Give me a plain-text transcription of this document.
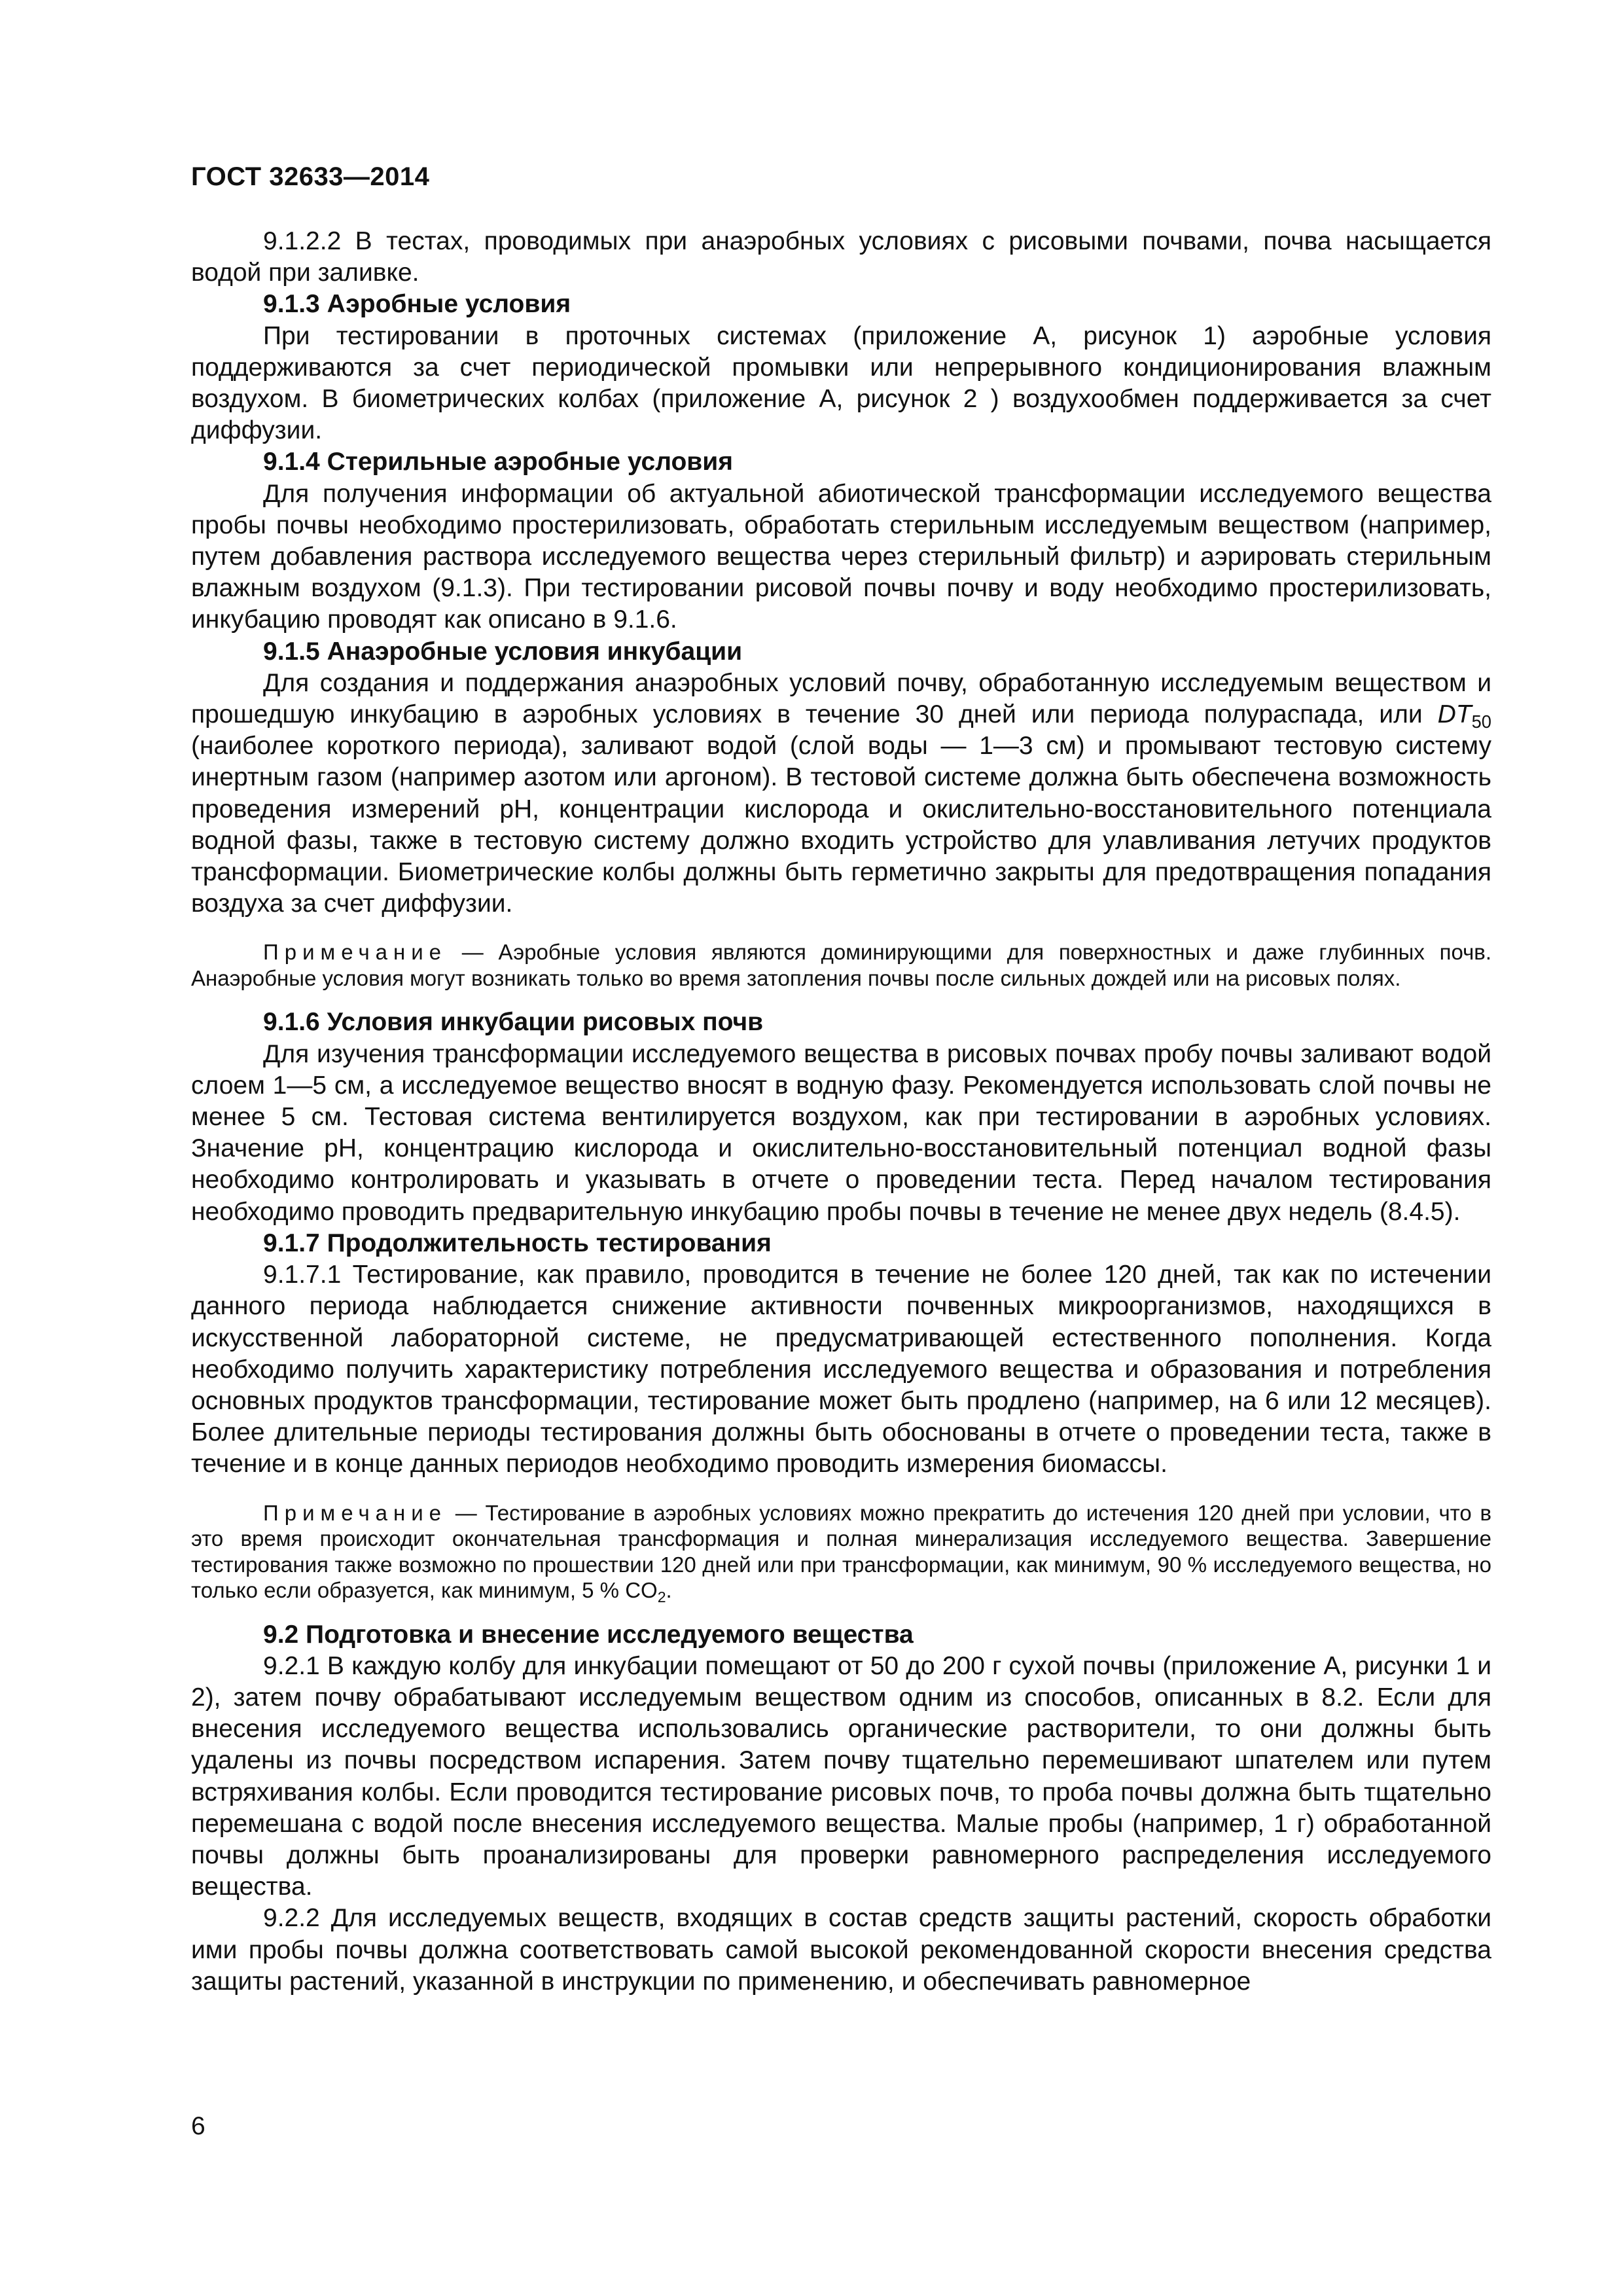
ГОСТ 32633—2014

9.1.2.2 В тестах, проводимых при анаэробных условиях с рисовыми почвами, почва насыщается водой при заливке.

9.1.3 Аэробные условия

При тестировании в проточных системах (приложение А, рисунок 1) аэробные условия поддерживаются за счет периодической промывки или непрерывного кондиционирования влажным воздухом. В биометрических колбах (приложение А, рисунок 2 ) воздухообмен поддерживается за счет диффузии.

9.1.4 Стерильные аэробные условия

Для получения информации об актуальной абиотической трансформации исследуемого вещества пробы почвы необходимо простерилизовать, обработать стерильным исследуемым веществом (например, путем добавления раствора исследуемого вещества через стерильный фильтр) и аэрировать стерильным влажным воздухом (9.1.3). При тестировании рисовой почвы почву и воду необходимо простерилизовать, инкубацию проводят как описано в 9.1.6.

9.1.5 Анаэробные условия инкубации

Для создания и поддержания анаэробных условий почву, обработанную исследуемым веществом и прошедшую инкубацию в аэробных условиях в течение 30 дней или периода полураспада, или $DT_{50}$ (наиболее короткого периода), заливают водой (слой воды — 1—3 см) и промывают тестовую систему инертным газом (например азотом или аргоном). В тестовой системе должна быть обеспечена возможность проведения измерений pH, концентрации кислорода и окислительно-восстановительного потенциала водной фазы, также в тестовую систему должно входить устройство для улавливания летучих продуктов трансформации. Биометрические колбы должны быть герметично закрыты для предотвращения попадания воздуха за счет диффузии.

Примечание — Аэробные условия являются доминирующими для поверхностных и даже глубинных почв. Анаэробные условия могут возникать только во время затопления почвы после сильных дождей или на рисовых полях.

9.1.6 Условия инкубации рисовых почв

Для изучения трансформации исследуемого вещества в рисовых почвах пробу почвы заливают водой слоем 1—5 см, а исследуемое вещество вносят в водную фазу. Рекомендуется использовать слой почвы не менее 5 см. Тестовая система вентилируется воздухом, как при тестировании в аэробных условиях. Значение pH, концентрацию кислорода и окислительно-восстановительный потенциал водной фазы необходимо контролировать и указывать в отчете о проведении теста. Перед началом тестирования необходимо проводить предварительную инкубацию пробы почвы в течение не менее двух недель (8.4.5).

9.1.7 Продолжительность тестирования

9.1.7.1 Тестирование, как правило, проводится в течение не более 120 дней, так как по истечении данного периода наблюдается снижение активности почвенных микроорганизмов, находящихся в искусственной лабораторной системе, не предусматривающей естественного пополнения. Когда необходимо получить характеристику потребления исследуемого вещества и образования и потребления основных продуктов трансформации, тестирование может быть продлено (например, на 6 или 12 месяцев). Более длительные периоды тестирования должны быть обоснованы в отчете о проведении теста, также в течение и в конце данных периодов необходимо проводить измерения биомассы.

Примечание — Тестирование в аэробных условиях можно прекратить до истечения 120 дней при условии, что в это время происходит окончательная трансформация и полная минерализация исследуемого вещества. Завершение тестирования также возможно по прошествии 120 дней или при трансформации, как минимум, 90 % исследуемого вещества, но только если образуется, как минимум, 5 % $CO_2$.

9.2 Подготовка и внесение исследуемого вещества

9.2.1 В каждую колбу для инкубации помещают от 50 до 200 г сухой почвы (приложение А, рисунки 1 и 2), затем почву обрабатывают исследуемым веществом одним из способов, описанных в 8.2. Если для внесения исследуемого вещества использовались органические растворители, то они должны быть удалены из почвы посредством испарения. Затем почву тщательно перемешивают шпателем или путем встряхивания колбы. Если проводится тестирование рисовых почв, то проба почвы должна быть тщательно перемешана с водой после внесения исследуемого вещества. Малые пробы (например, 1 г) обработанной почвы должны быть проанализированы для проверки равномерного распределения исследуемого вещества.

9.2.2 Для исследуемых веществ, входящих в состав средств защиты растений, скорость обработки ими пробы почвы должна соответствовать самой высокой рекомендованной скорости внесения средства защиты растений, указанной в инструкции по применению, и обеспечивать равномерное

6
